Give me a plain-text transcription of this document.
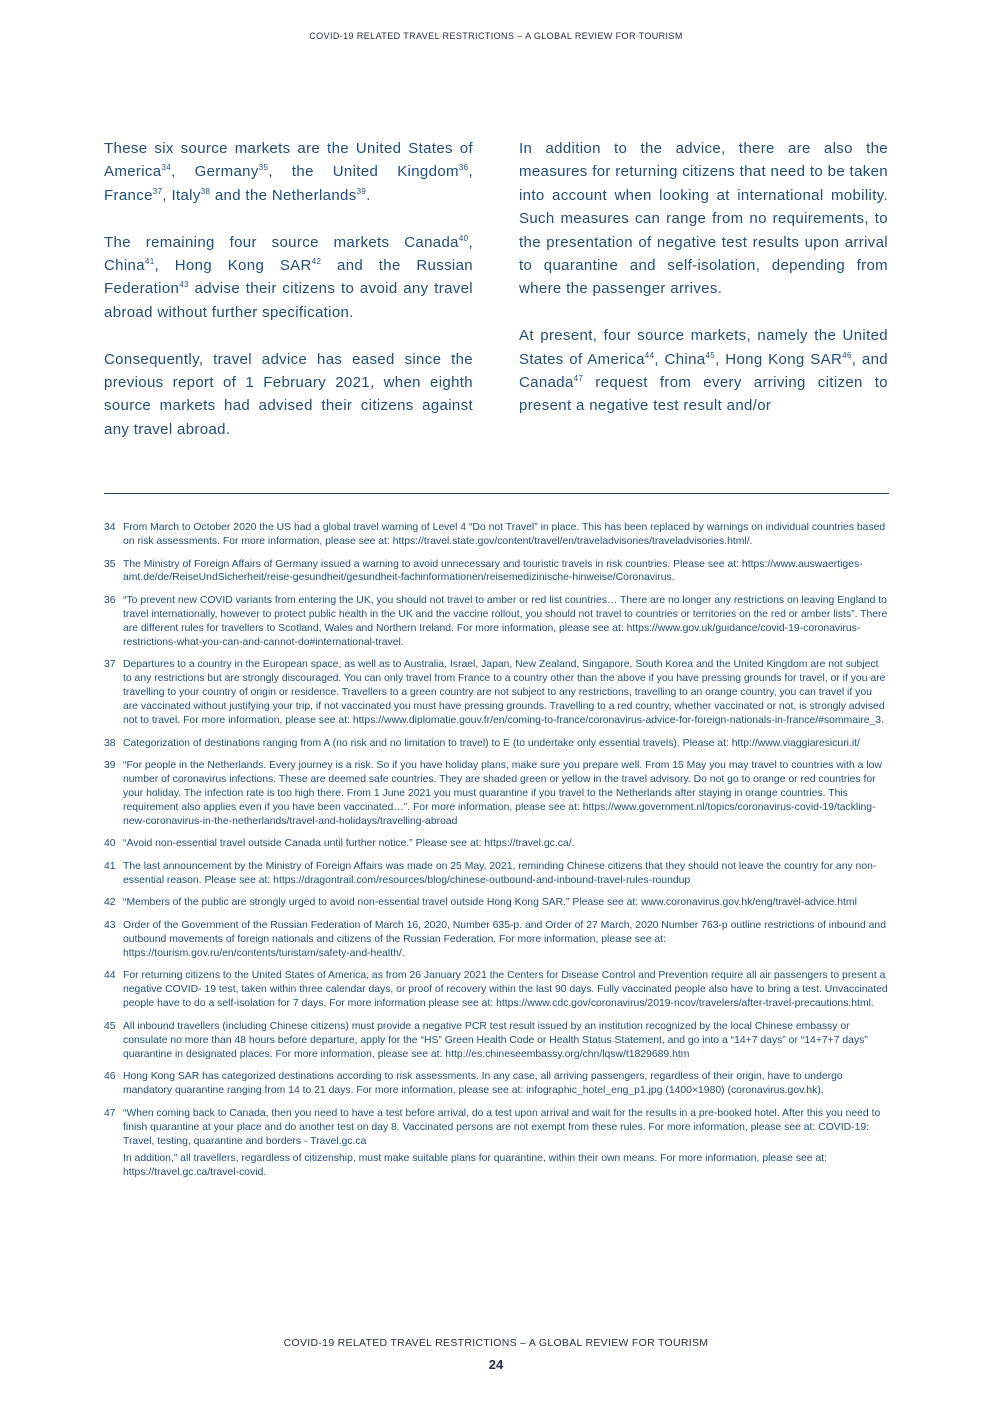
COVID-19 RELATED TRAVEL RESTRICTIONS – A GLOBAL REVIEW FOR TOURISM

These six source markets are the United States of America$^{34}$, Germany$^{35}$, the United Kingdom$^{36}$, France$^{37}$, Italy$^{38}$ and the Netherlands$^{39}$.

The remaining four source markets Canada$^{40}$, China$^{41}$, Hong Kong SAR$^{42}$ and the Russian Federation$^{43}$ advise their citizens to avoid any travel abroad without further specification.

Consequently, travel advice has eased since the previous report of 1 February 2021, when eighth source markets had advised their citizens against any travel abroad.

In addition to the advice, there are also the measures for returning citizens that need to be taken into account when looking at international mobility. Such measures can range from no requirements, to the presentation of negative test results upon arrival to quarantine and self-isolation, depending from where the passenger arrives.

At present, four source markets, namely the United States of America$^{44}$, China$^{45}$, Hong Kong SAR$^{46}$, and Canada$^{47}$ request from every arriving citizen to present a negative test result and/or

34 From March to October 2020 the US had a global travel warning of Level 4 “Do not Travel” in place. This has been replaced by warnings on individual countries based on risk assessments. For more information, please see at: https://travel.state.gov/content/travel/en/traveladvisories/traveladvisories.html/.
35 The Ministry of Foreign Affairs of Germany issued a warning to avoid unnecessary and touristic travels in risk countries. Please see at: https://www.auswaertiges-amt.de/de/ReiseUndSicherheit/reise-gesundheit/gesundheit-fachinformationen/reisemedizinische-hinweise/Coronavirus.
36 “To prevent new COVID variants from entering the UK, you should not travel to amber or red list countries… There are no longer any restrictions on leaving England to travel internationally, however to protect public health in the UK and the vaccine rollout, you should not travel to countries or territories on the red or amber lists”. There are different rules for travellers to Scotland, Wales and Northern Ireland. For more information, please see at: https://www.gov.uk/guidance/covid-19-coronavirus-restrictions-what-you-can-and-cannot-do#international-travel.
37 Departures to a country in the European space, as well as to Australia, Israel, Japan, New Zealand, Singapore, South Korea and the United Kingdom are not subject to any restrictions but are strongly discouraged. You can only travel from France to a country other than the above if you have pressing grounds for travel, or if you are travelling to your country of origin or residence. Travellers to a green country are not subject to any restrictions, travelling to an orange country, you can travel if you are vaccinated without justifying your trip, if not vaccinated you must have pressing grounds. Travelling to a red country, whether vaccinated or not, is strongly advised not to travel. For more information, please see at: https://www.diplomatie.gouv.fr/en/coming-to-france/coronavirus-advice-for-foreign-nationals-in-france/#sommaire_3.
38 Categorization of destinations ranging from A (no risk and no limitation to travel) to E (to undertake only essential travels). Please at: http://www.viaggiaresicuri.it/
39 “For people in the Netherlands. Every journey is a risk. So if you have holiday plans, make sure you prepare well. From 15 May you may travel to countries with a low number of coronavirus infections. These are deemed safe countries. They are shaded green or yellow in the travel advisory. Do not go to orange or red countries for your holiday. The infection rate is too high there. From 1 June 2021 you must quarantine if you travel to the Netherlands after staying in orange countries. This requirement also applies even if you have been vaccinated…”. For more information, please see at: https://www.government.nl/topics/coronavirus-covid-19/tackling-new-coronavirus-in-the-netherlands/travel-and-holidays/travelling-abroad
40 “Avoid non-essential travel outside Canada until further notice.” Please see at: https://travel.gc.ca/.
41 The last announcement by the Ministry of Foreign Affairs was made on 25 May, 2021, reminding Chinese citizens that they should not leave the country for any non-essential reason. Please see at: https://dragontrail.com/resources/blog/chinese-outbound-and-inbound-travel-rules-roundup
42 “Members of the public are strongly urged to avoid non-essential travel outside Hong Kong SAR.” Please see at: www.coronavirus.gov.hk/eng/travel-advice.html
43 Order of the Government of the Russian Federation of March 16, 2020, Number 635-p. and Order of 27 March, 2020 Number 763-p outline restrictions of inbound and outbound movements of foreign nationals and citizens of the Russian Federation. For more information, please see at: https://tourism.gov.ru/en/contents/turistam/safety-and-health/.
44 For returning citizens to the United States of America, as from 26 January 2021 the Centers for Disease Control and Prevention require all air passengers to present a negative COVID- 19 test, taken within three calendar days, or proof of recovery within the last 90 days. Fully vaccinated people also have to bring a test. Unvaccinated people have to do a self-isolation for 7 days. For more information please see at: https://www.cdc.gov/coronavirus/2019-ncov/travelers/after-travel-precautions.html.
45 All inbound travellers (including Chinese citizens) must provide a negative PCR test result issued by an institution recognized by the local Chinese embassy or consulate no more than 48 hours before departure, apply for the “HS” Green Health Code or Health Status Statement, and go into a “14+7 days” or “14+7+7 days” quarantine in designated places. For more information, please see at: http://es.chineseembassy.org/chn/lqsw/t1829689.htm
46 Hong Kong SAR has categorized destinations according to risk assessments. In any case, all arriving passengers, regardless of their origin, have to undergo mandatory quarantine ranging from 14 to 21 days. For more information, please see at: infographic_hotel_eng_p1.jpg (1400×1980) (coronavirus.gov.hk).
47 “When coming back to Canada, then you need to have a test before arrival, do a test upon arrival and wait for the results in a pre-booked hotel. After this you need to finish quarantine at your place and do another test on day 8. Vaccinated persons are not exempt from these rules. For more information, please see at: COVID-19: Travel, testing, quarantine and borders - Travel.gc.ca
In addition,” all travellers, regardless of citizenship, must make suitable plans for quarantine, within their own means. For more information, please see at: https://travel.gc.ca/travel-covid.
COVID-19 RELATED TRAVEL RESTRICTIONS – A GLOBAL REVIEW FOR TOURISM
24
